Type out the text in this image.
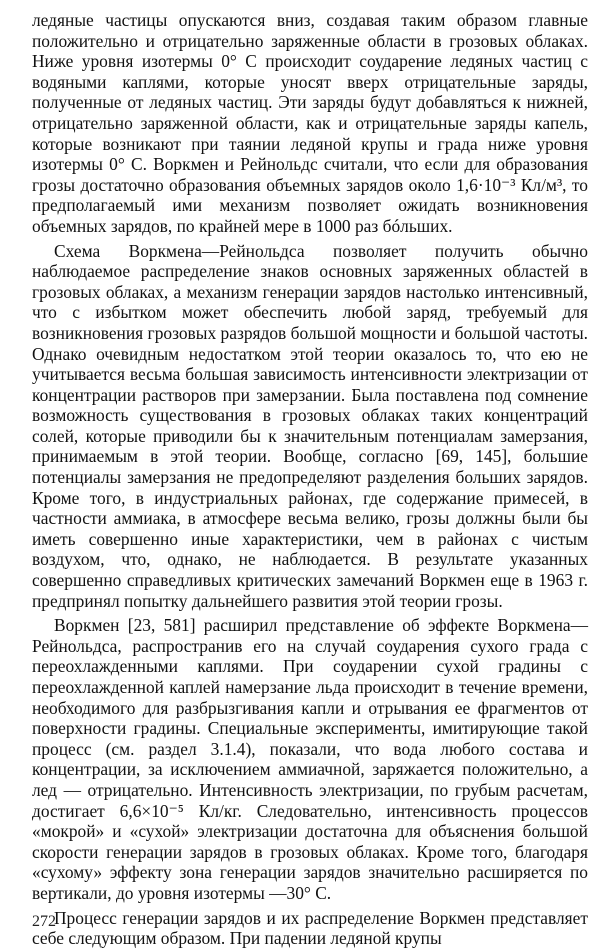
ледяные частицы опускаются вниз, создавая таким образом главные положительно и отрицательно заряженные области в грозовых облаках. Ниже уровня изотермы 0° С происходит соударение ледяных частиц с водяными каплями, которые уносят вверх отрицательные заряды, полученные от ледяных частиц. Эти заряды будут добавляться к нижней, отрицательно заряженной области, как и отрицательные заряды капель, которые возникают при таянии ледяной крупы и града ниже уровня изотермы 0° С. Воркмен и Рейнольдс считали, что если для образования грозы достаточно образования объемных зарядов около 1,6·10⁻³ Кл/м³, то предполагаемый ими механизм позволяет ожидать возникновения объемных зарядов, по крайней мере в 1000 раз бóльших.

Схема Воркмена—Рейнольдса позволяет получить обычно наблюдаемое распределение знаков основных заряженных областей в грозовых облаках, а механизм генерации зарядов настолько интенсивный, что с избытком может обеспечить любой заряд, требуемый для возникновения грозовых разрядов большой мощности и большой частоты. Однако очевидным недостатком этой теории оказалось то, что ею не учитывается весьма большая зависимость интенсивности электризации от концентрации растворов при замерзании. Была поставлена под сомнение возможность существования в грозовых облаках таких концентраций солей, которые приводили бы к значительным потенциалам замерзания, принимаемым в этой теории. Вообще, согласно [69, 145], большие потенциалы замерзания не предопределяют разделения больших зарядов. Кроме того, в индустриальных районах, где содержание примесей, в частности аммиака, в атмосфере весьма велико, грозы должны были бы иметь совершенно иные характеристики, чем в районах с чистым воздухом, что, однако, не наблюдается. В результате указанных совершенно справедливых критических замечаний Воркмен еще в 1963 г. предпринял попытку дальнейшего развития этой теории грозы.

Воркмен [23, 581] расширил представление об эффекте Воркмена—Рейнольдса, распространив его на случай соударения сухого града с переохлажденными каплями. При соударении сухой градины с переохлажденной каплей намерзание льда происходит в течение времени, необходимого для разбрызгивания капли и отрывания ее фрагментов от поверхности градины. Специальные эксперименты, имитирующие такой процесс (см. раздел 3.1.4), показали, что вода любого состава и концентрации, за исключением аммиачной, заряжается положительно, а лед — отрицательно. Интенсивность электризации, по грубым расчетам, достигает 6,6×10⁻⁵ Кл/кг. Следовательно, интенсивность процессов «мокрой» и «сухой» электризации достаточна для объяснения большой скорости генерации зарядов в грозовых облаках. Кроме того, благодаря «сухому» эффекту зона генерации зарядов значительно расширяется по вертикали, до уровня изотермы —30° С.

Процесс генерации зарядов и их распределение Воркмен представляет себе следующим образом. При падении ледяной крупы

272
